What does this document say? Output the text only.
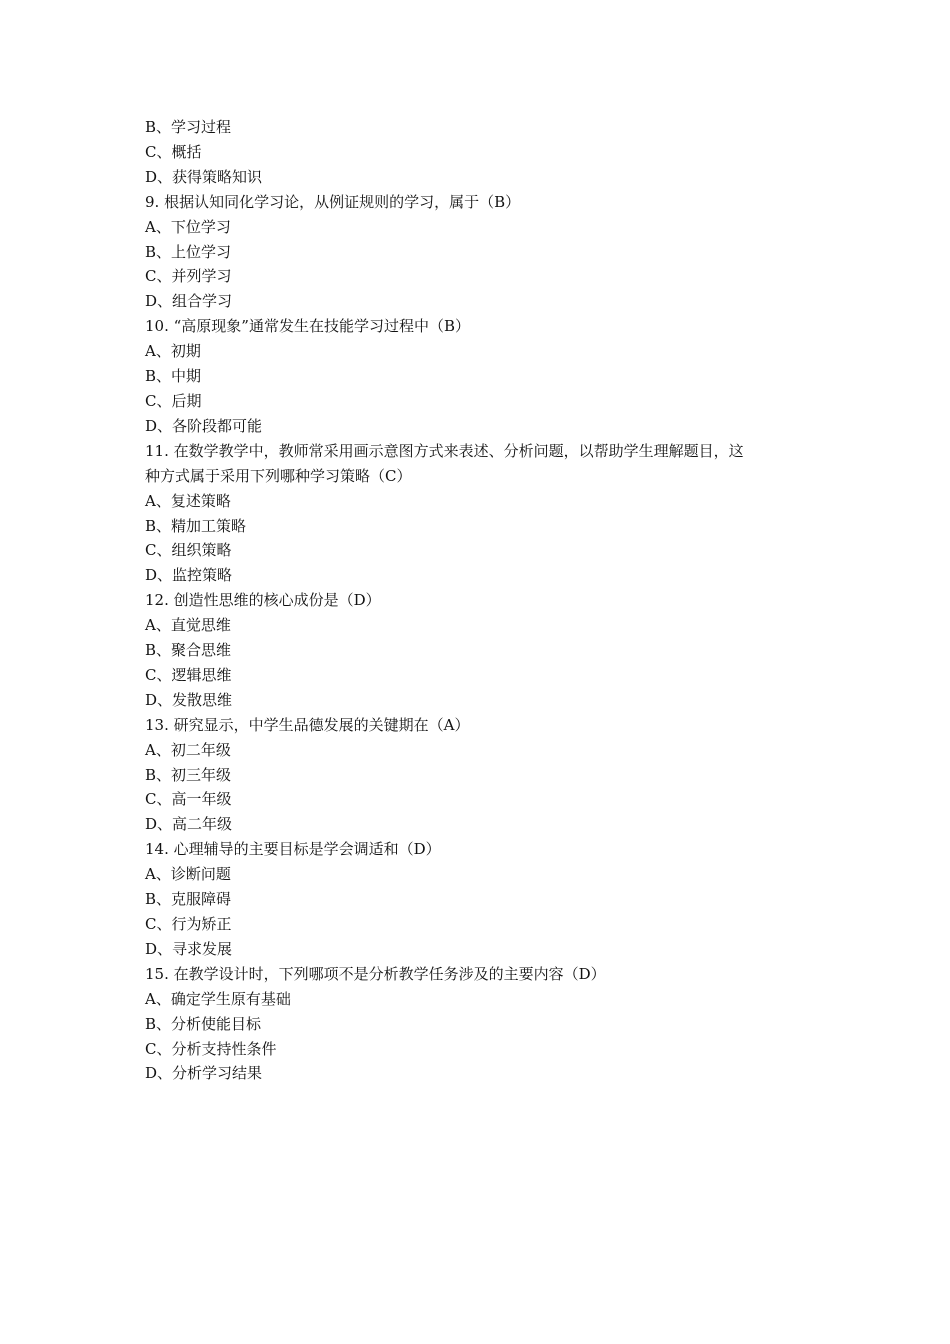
B、学习过程

C、概括

D、获得策略知识

9. 根据认知同化学习论，从例证规则的学习，属于（B）

A、下位学习

B、上位学习

C、并列学习

D、组合学习

10. “高原现象”通常发生在技能学习过程中（B）

A、初期

B、中期

C、后期

D、各阶段都可能

11. 在数学教学中，教师常采用画示意图方式来表述、分析问题，以帮助学生理解题目，这

种方式属于采用下列哪种学习策略（C）

A、复述策略

B、精加工策略

C、组织策略

D、监控策略

12. 创造性思维的核心成份是（D）

A、直觉思维

B、聚合思维

C、逻辑思维

D、发散思维

13. 研究显示，中学生品德发展的关键期在（A）

A、初二年级

B、初三年级

C、高一年级

D、高二年级

14. 心理辅导的主要目标是学会调适和（D）

A、诊断问题

B、克服障碍

C、行为矫正

D、寻求发展

15. 在教学设计时，下列哪项不是分析教学任务涉及的主要内容（D）

A、确定学生原有基础

B、分析使能目标

C、分析支持性条件

D、分析学习结果
